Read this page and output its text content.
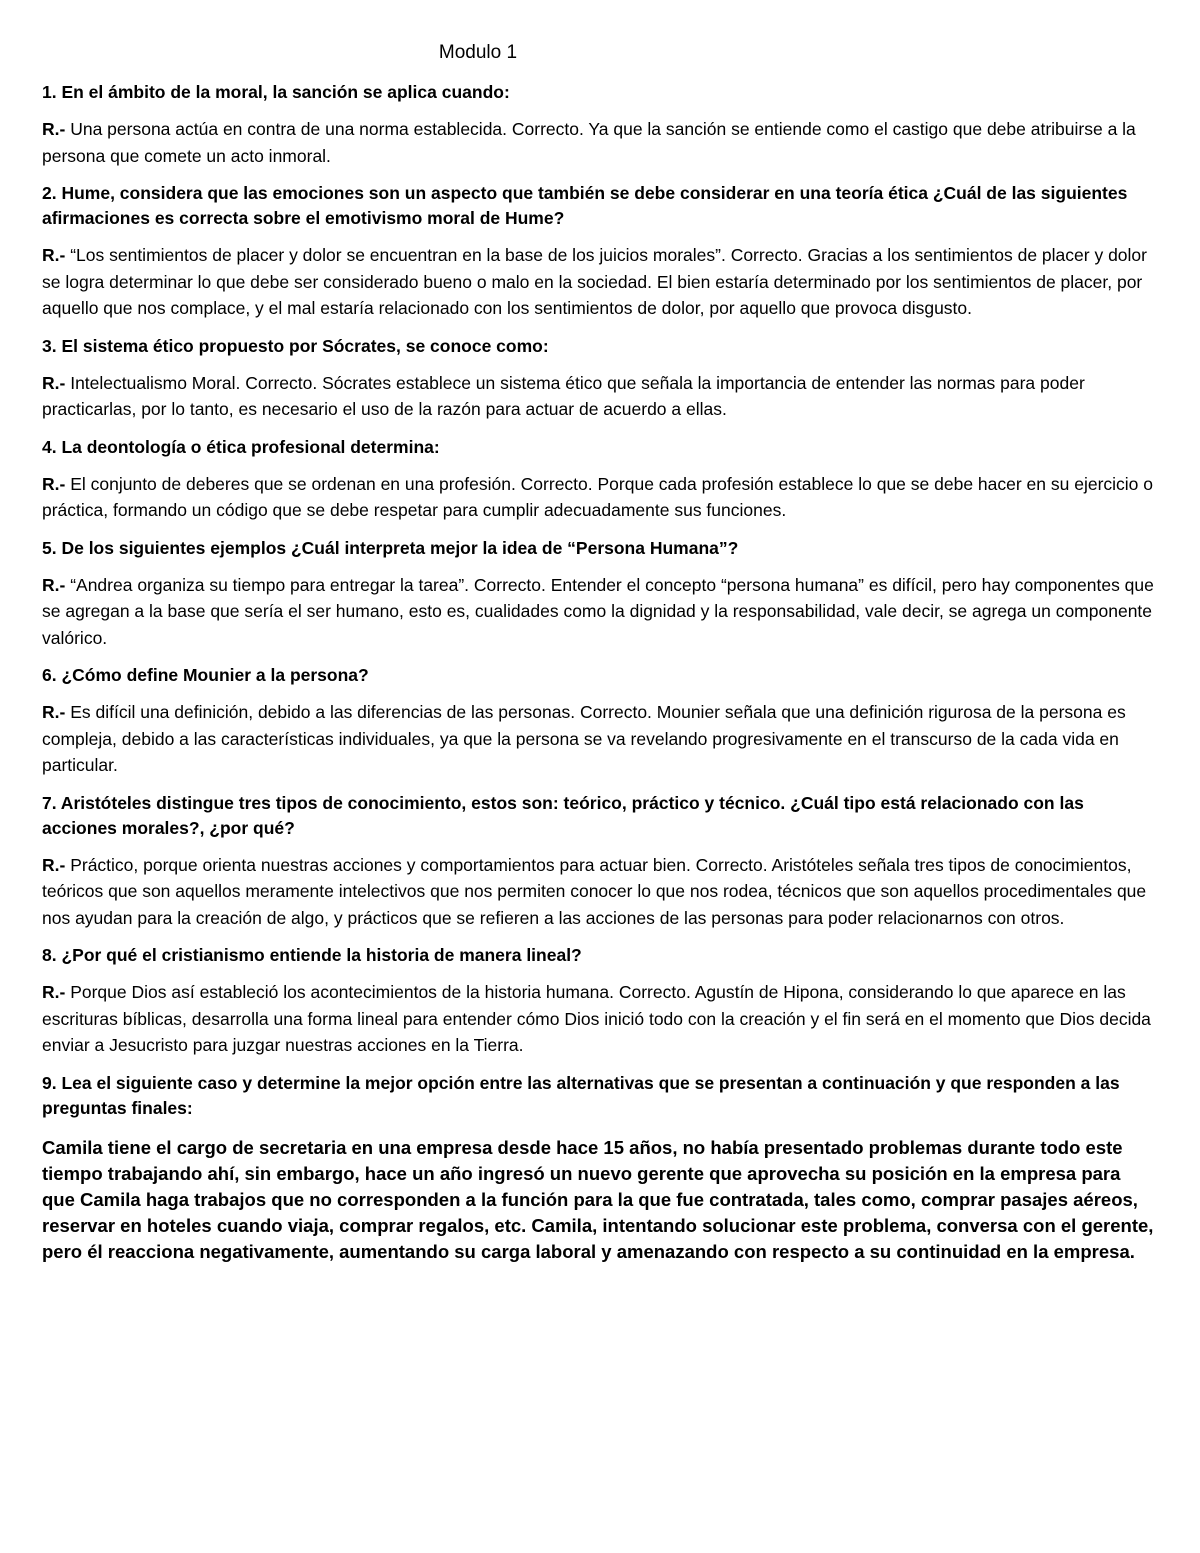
Modulo 1
1. En el ámbito de la moral, la sanción se aplica cuando:
R.- Una persona actúa en contra de una norma establecida. Correcto. Ya que la sanción se entiende como el castigo que debe atribuirse a la persona que comete un acto inmoral.
2. Hume, considera que las emociones son un aspecto que también se debe considerar en una teoría ética ¿Cuál de las siguientes afirmaciones es correcta sobre el emotivismo moral de Hume?
R.- “Los sentimientos de placer y dolor se encuentran en la base de los juicios morales”. Correcto. Gracias a los sentimientos de placer y dolor se logra determinar lo que debe ser considerado bueno o malo en la sociedad. El bien estaría determinado por los sentimientos de placer, por aquello que nos complace, y el mal estaría relacionado con los sentimientos de dolor, por aquello que provoca disgusto.
3. El sistema ético propuesto por Sócrates, se conoce como:
R.- Intelectualismo Moral. Correcto. Sócrates establece un sistema ético que señala la importancia de entender las normas para poder practicarlas, por lo tanto, es necesario el uso de la razón para actuar de acuerdo a ellas.
4. La deontología o ética profesional determina:
R.- El conjunto de deberes que se ordenan en una profesión. Correcto. Porque cada profesión establece lo que se debe hacer en su ejercicio o práctica, formando un código que se debe respetar para cumplir adecuadamente sus funciones.
5. De los siguientes ejemplos ¿Cuál interpreta mejor la idea de “Persona Humana”?
R.- “Andrea organiza su tiempo para entregar la tarea”. Correcto. Entender el concepto “persona humana” es difícil, pero hay componentes que se agregan a la base que sería el ser humano, esto es, cualidades como la dignidad y la responsabilidad, vale decir, se agrega un componente valórico.
6. ¿Cómo define Mounier a la persona?
R.- Es difícil una definición, debido a las diferencias de las personas. Correcto. Mounier señala que una definición rigurosa de la persona es compleja, debido a las características individuales, ya que la persona se va revelando progresivamente en el transcurso de la cada vida en particular.
7. Aristóteles distingue tres tipos de conocimiento, estos son: teórico, práctico y técnico. ¿Cuál tipo está relacionado con las acciones morales?, ¿por qué?
R.- Práctico, porque orienta nuestras acciones y comportamientos para actuar bien. Correcto. Aristóteles señala tres tipos de conocimientos, teóricos que son aquellos meramente intelectivos que nos permiten conocer lo que nos rodea, técnicos que son aquellos procedimentales que nos ayudan para la creación de algo, y prácticos que se refieren a las acciones de las personas para poder relacionarnos con otros.
8. ¿Por qué el cristianismo entiende la historia de manera lineal?
R.- Porque Dios así estableció los acontecimientos de la historia humana. Correcto. Agustín de Hipona, considerando lo que aparece en las escrituras bíblicas, desarrolla una forma lineal para entender cómo Dios inició todo con la creación y el fin será en el momento que Dios decida enviar a Jesucristo para juzgar nuestras acciones en la Tierra.
9. Lea el siguiente caso y determine la mejor opción entre las alternativas que se presentan a continuación y que responden a las preguntas finales:
Camila tiene el cargo de secretaria en una empresa desde hace 15 años, no había presentado problemas durante todo este tiempo trabajando ahí, sin embargo, hace un año ingresó un nuevo gerente que aprovecha su posición en la empresa para que Camila haga trabajos que no corresponden a la función para la que fue contratada, tales como, comprar pasajes aéreos, reservar en hoteles cuando viaja, comprar regalos, etc. Camila, intentando solucionar este problema, conversa con el gerente, pero él reacciona negativamente, aumentando su carga laboral y amenazando con respecto a su continuidad en la empresa.
